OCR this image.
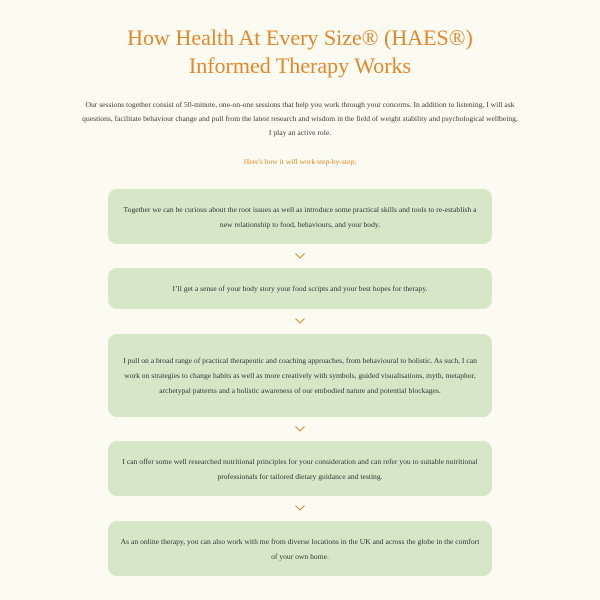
How Health At Every Size® (HAES®)
Informed Therapy Works

Our sessions together consist of 50-minute, one-on-one sessions that help you work through your concerns. In addition to listening, I will ask questions, facilitate behaviour change and pull from the latest research and wisdom in the field of weight stability and psychological wellbeing, I play an active role.

Here's how it will work step-by-step;

Together we can be curious about the root issues as well as introduce some practical skills and tools to re-establish a new relationship to food, behaviours, and your body.
I’ll get a sense of your body story your food scripts and your best hopes for therapy.
I pull on a broad range of practical therapeutic and coaching approaches, from behavioural to holistic. As such, I can work on strategies to change habits as well as more creatively with symbols, guided visualisations, myth, metaphor, archetypal patterns and a holistic awareness of our embodied nature and potential blockages.
I can offer some well researched nutritional principles for your consideration and can refer you to suitable nutritional professionals for tailored dietary guidance and testing.
As an online therapy, you can also work with me from diverse locations in the UK and across the globe in the comfort of your own home.
